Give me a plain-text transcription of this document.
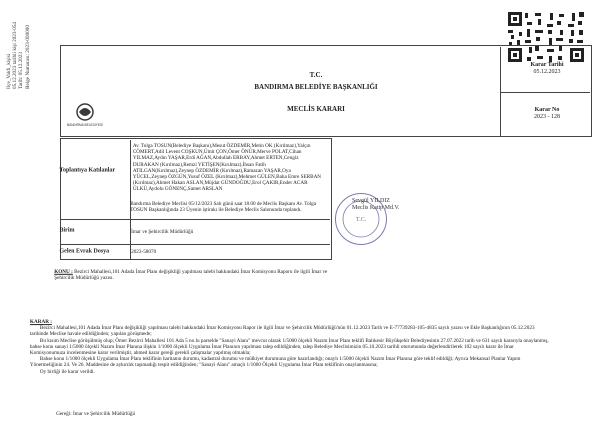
Ilçe_Vakfı_kişisi 05.12.2023 tarihli kişi 2023-054 Tarih: 05.12.2023 Belge Numarası: 2023-000000
BANDIRMA BELEDİYESİ
T.C.
BANDIRMA BELEDİYE BAŞKANLIĞI
MECLİS KARARI
Karar Tarihi
05.12.2023
Karar No
2023 - 128
Toplantıya Katılanlar
Birim
Gelen Evrak Dosya
Av. Tolga TOSUN(Belediye Başkanı),Mesut ÖZDEMİR,Metin OK (Kırılmaz),Yalçın CÖMERT,Adil Levent COŞKUN,Ümit ÇON,Ömer ÖNÜR,Merve POLAT,Cihan YILMAZ,Aydın YAŞAR,Erdi AĞAN,Abdullah ERBAY,Ahmet ERTEN,Cengiz DURAKAN (Kırılmaz),Remzi YETİŞEN(Kırılmaz),İhsan Fatih ATILGAN(Kırılmaz),Zeynep ÖZDEMİR (Kırılmaz),Ramazan YAŞAR,Oya YÜCEL,Zeynep ÖZGÜN,Yusuf ÖZEL (Kırılmaz),Mehmet GÜLEN,Baha Emre SERBAN (Kırılmaz),Ahmet Hakan ASLAN,Müjdat GÜNDOĞDU,Erol ÇAKIR,Ender ACAR ÜLKÜ,Aydolu GÖNENÇ,Samet ARSLAN
Bandırma Belediye Meclisi 05/12/2023 Salı günü saat 18.00 de Meclis Başkanı Av. Tolga TOSUN Başkanlığında 23 Üyenin iştirakı ile Belediye Meclis Salonunda toplandı.
İmar ve Şehircilik Müdürlüğü
2023-58070
KONU : Bezirci Mahallesi,101 Adada İmar Planı değişikliği yapılması talebi hakkındaki İmar Komisyonu Raporu ile ilgili İmar ve Şehircilik Müdürlüğü yazısı.
KARAR :
Bezirci Mahallesi,101 Adada İmar Planı değişikliği yapılması talebi hakkındaki İmar Komisyonu Rapor ile ilgili İmar ve Şehircilik Müdürlüğü'nün 01.12.2023 Tarih ve E-77739283-105-4835 sayılı yazısı ve Ekle Başkanlığının 05.12.2023 tarihinde Meclise havale edildiğinden; yapılan görüşmede;
Bu kısım Meclise görüşülmüş olup; Ömer Bezirci Mahallesi 101 Ada 5 no.lu parselde "Sanayi Alanı" mevcut olarak 1/5000 ölçekli Nazım İmar Planı teklifi Balıkesir Büyükşehir Belediyesinin 27.07.2022 tarih ve 631 sayılı kararıyla onaylanmış, bahse konu sanayi 1/5000 ölçekli Nazım İmar Planına ilişkin 1/1000 ölçekli Uygulama İmar Planının yapılması talep edildiğinden, talep Belediye Meclisimizin 05.10.2023 tarihli oturumunda değerlendirilerek 102 sayılı karar ile İmar Komisyonumuza incelenmesine karar verilmiştir, ahmed karar gereği gerekli çalışmalar yapılmış olmakla;
Bahse konu 1/1000 ölçekli Uygulama İmar Planı teklifinin haritanın durumu, kadastral durumu ve mülkiyet durumuna göre hazırlandığı; onaylı 1/5000 ölçekli Nazım İmar Planına göre teklif edildiği; Ayrıca Mekansal Planlar Yapım Yönetmeliğinin 24. Ve 26. Maddesine de aykırılık taşımadığı tespit edildiğinden; "Sanayi Alanı" amaçlı 1/1000 Ölçekli Uygulama İmar Planı teklifinin onaylanmasına;
Oy birliği ile karar verildi.
Gereği: İmar ve Şehircilik Müdürlüğü
T.C.
Sevgül YILDIZ
Meclis Katip Md.V.
